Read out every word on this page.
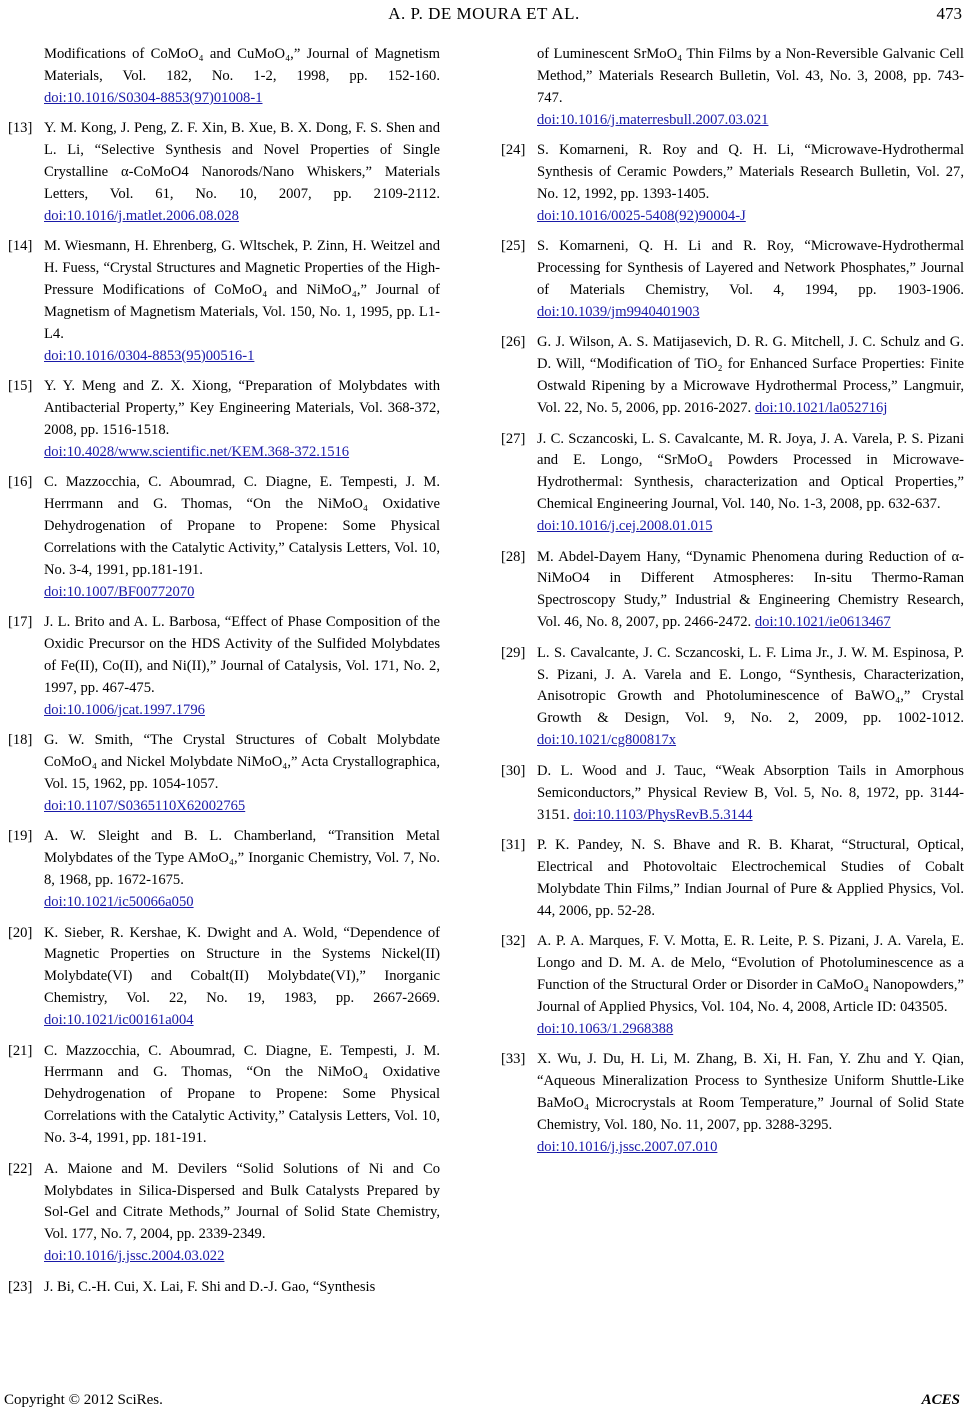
A. P. DE MOURA ET AL.	473
Modifications of CoMoO₄ and CuMoO₄,” Journal of Magnetism Materials, Vol. 182, No. 1-2, 1998, pp. 152-160. doi:10.1016/S0304-8853(97)01008-1
[13] Y. M. Kong, J. Peng, Z. F. Xin, B. Xue, B. X. Dong, F. S. Shen and L. Li, “Selective Synthesis and Novel Properties of Single Crystalline α-CoMoO4 Nanorods/Nano Whiskers,” Materials Letters, Vol. 61, No. 10, 2007, pp. 2109-2112. doi:10.1016/j.matlet.2006.08.028
[14] M. Wiesmann, H. Ehrenberg, G. Wltschek, P. Zinn, H. Weitzel and H. Fuess, “Crystal Structures and Magnetic Properties of the High-Pressure Modifications of CoMoO₄ and NiMoO₄,” Journal of Magnetism of Magnetism Materials, Vol. 150, No. 1, 1995, pp. L1-L4.
doi:10.1016/0304-8853(95)00516-1
[15] Y. Y. Meng and Z. X. Xiong, “Preparation of Molybdates with Antibacterial Property,” Key Engineering Materials, Vol. 368-372, 2008, pp. 1516-1518.
doi:10.4028/www.scientific.net/KEM.368-372.1516
[16] C. Mazzocchia, C. Aboumrad, C. Diagne, E. Tempesti, J. M. Herrmann and G. Thomas, “On the NiMoO₄ Oxidative Dehydrogenation of Propane to Propene: Some Physical Correlations with the Catalytic Activity,” Catalysis Letters, Vol. 10, No. 3-4, 1991, pp.181-191.
doi:10.1007/BF00772070
[17] J. L. Brito and A. L. Barbosa, “Effect of Phase Composition of the Oxidic Precursor on the HDS Activity of the Sulfided Molybdates of Fe(II), Co(II), and Ni(II),” Journal of Catalysis, Vol. 171, No. 2, 1997, pp. 467-475.
doi:10.1006/jcat.1997.1796
[18] G. W. Smith, “The Crystal Structures of Cobalt Molybdate CoMoO₄ and Nickel Molybdate NiMoO₄,” Acta Crystallographica, Vol. 15, 1962, pp. 1054-1057.
doi:10.1107/S0365110X62002765
[19] A. W. Sleight and B. L. Chamberland, “Transition Metal Molybdates of the Type AMoO₄,” Inorganic Chemistry, Vol. 7, No. 8, 1968, pp. 1672-1675.
doi:10.1021/ic50066a050
[20] K. Sieber, R. Kershae, K. Dwight and A. Wold, “Dependence of Magnetic Properties on Structure in the Systems Nickel(II) Molybdate(VI) and Cobalt(II) Molybdate(VI),” Inorganic Chemistry, Vol. 22, No. 19, 1983, pp. 2667-2669. doi:10.1021/ic00161a004
[21] C. Mazzocchia, C. Aboumrad, C. Diagne, E. Tempesti, J. M. Herrmann and G. Thomas, “On the NiMoO₄ Oxidative Dehydrogenation of Propane to Propene: Some Physical Correlations with the Catalytic Activity,” Catalysis Letters, Vol. 10, No. 3-4, 1991, pp. 181-191.
[22] A. Maione and M. Devilers “Solid Solutions of Ni and Co Molybdates in Silica-Dispersed and Bulk Catalysts Prepared by Sol-Gel and Citrate Methods,” Journal of Solid State Chemistry, Vol. 177, No. 7, 2004, pp. 2339-2349.
doi:10.1016/j.jssc.2004.03.022
[23] J. Bi, C.-H. Cui, X. Lai, F. Shi and D.-J. Gao, “Synthesis
of Luminescent SrMoO₄ Thin Films by a Non-Reversible Galvanic Cell Method,” Materials Research Bulletin, Vol. 43, No. 3, 2008, pp. 743-747.
doi:10.1016/j.materresbull.2007.03.021
[24] S. Komarneni, R. Roy and Q. H. Li, “Microwave-Hydrothermal Synthesis of Ceramic Powders,” Materials Research Bulletin, Vol. 27, No. 12, 1992, pp. 1393-1405.
doi:10.1016/0025-5408(92)90004-J
[25] S. Komarneni, Q. H. Li and R. Roy, “Microwave-Hydrothermal Processing for Synthesis of Layered and Network Phosphates,” Journal of Materials Chemistry, Vol. 4, 1994, pp. 1903-1906. doi:10.1039/jm9940401903
[26] G. J. Wilson, A. S. Matijasevich, D. R. G. Mitchell, J. C. Schulz and G. D. Will, “Modification of TiO₂ for Enhanced Surface Properties: Finite Ostwald Ripening by a Microwave Hydrothermal Process,” Langmuir, Vol. 22, No. 5, 2006, pp. 2016-2027. doi:10.1021/la052716j
[27] J. C. Sczancoski, L. S. Cavalcante, M. R. Joya, J. A. Varela, P. S. Pizani and E. Longo, “SrMoO₄ Powders Processed in Microwave-Hydrothermal: Synthesis, characterization and Optical Properties,” Chemical Engineering Journal, Vol. 140, No. 1-3, 2008, pp. 632-637.
doi:10.1016/j.cej.2008.01.015
[28] M. Abdel-Dayem Hany, “Dynamic Phenomena during Reduction of α-NiMoO4 in Different Atmospheres: In-situ Thermo-Raman Spectroscopy Study,” Industrial & Engineering Chemistry Research, Vol. 46, No. 8, 2007, pp. 2466-2472. doi:10.1021/ie0613467
[29] L. S. Cavalcante, J. C. Sczancoski, L. F. Lima Jr., J. W. M. Espinosa, P. S. Pizani, J. A. Varela and E. Longo, “Synthesis, Characterization, Anisotropic Growth and Photoluminescence of BaWO₄,” Crystal Growth & Design, Vol. 9, No. 2, 2009, pp. 1002-1012. doi:10.1021/cg800817x
[30] D. L. Wood and J. Tauc, “Weak Absorption Tails in Amorphous Semiconductors,” Physical Review B, Vol. 5, No. 8, 1972, pp. 3144-3151. doi:10.1103/PhysRevB.5.3144
[31] P. K. Pandey, N. S. Bhave and R. B. Kharat, “Structural, Optical, Electrical and Photovoltaic Electrochemical Studies of Cobalt Molybdate Thin Films,” Indian Journal of Pure & Applied Physics, Vol. 44, 2006, pp. 52-28.
[32] A. P. A. Marques, F. V. Motta, E. R. Leite, P. S. Pizani, J. A. Varela, E. Longo and D. M. A. de Melo, “Evolution of Photoluminescence as a Function of the Structural Order or Disorder in CaMoO₄ Nanopowders,” Journal of Applied Physics, Vol. 104, No. 4, 2008, Article ID: 043505.
doi:10.1063/1.2968388
[33] X. Wu, J. Du, H. Li, M. Zhang, B. Xi, H. Fan, Y. Zhu and Y. Qian, “Aqueous Mineralization Process to Synthesize Uniform Shuttle-Like BaMoO₄ Microcrystals at Room Temperature,” Journal of Solid State Chemistry, Vol. 180, No. 11, 2007, pp. 3288-3295.
doi:10.1016/j.jssc.2007.07.010
Copyright © 2012 SciRes.	ACES
